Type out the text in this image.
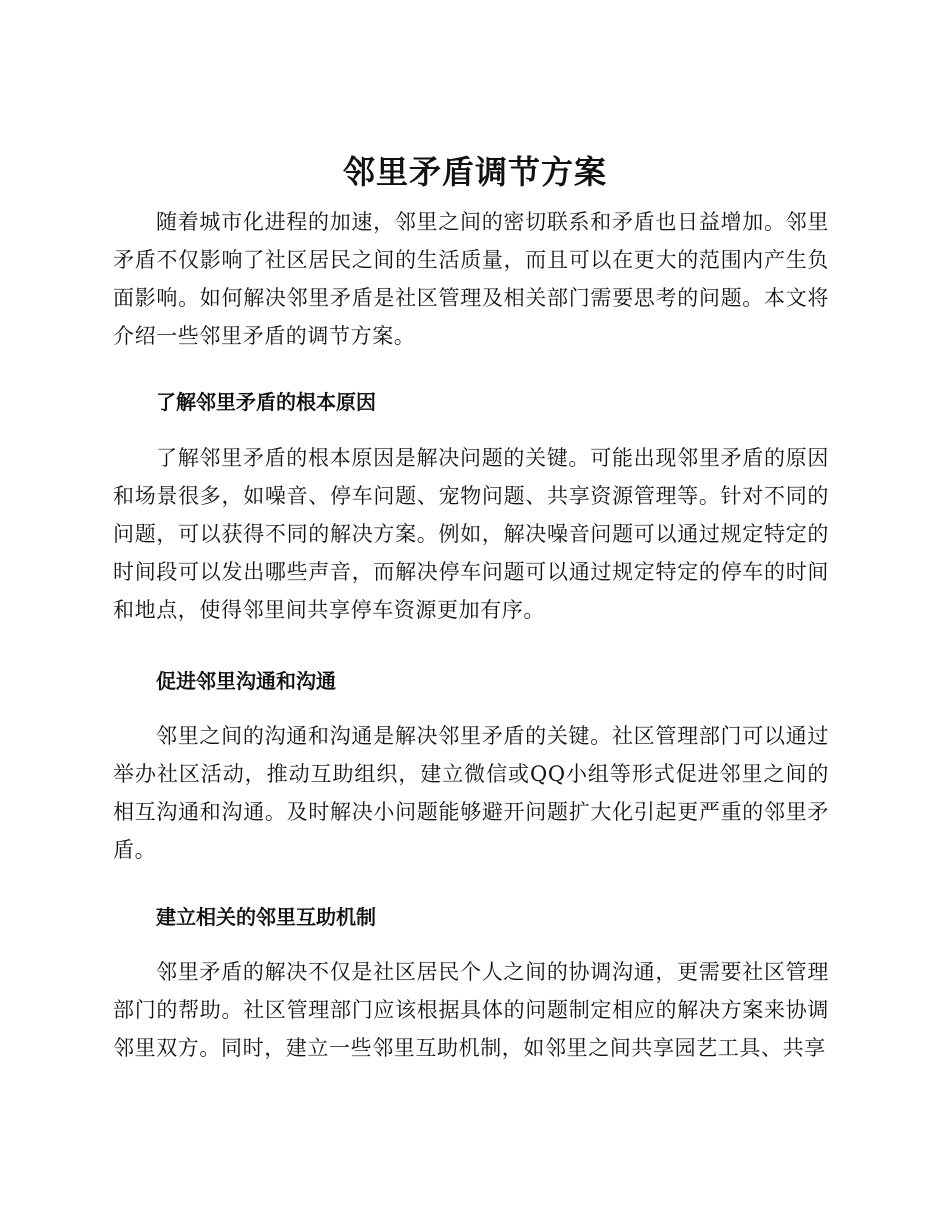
邻里矛盾调节方案

随着城市化进程的加速，邻里之间的密切联系和矛盾也日益增加。邻里矛盾不仅影响了社区居民之间的生活质量，而且可以在更大的范围内产生负面影响。如何解决邻里矛盾是社区管理及相关部门需要思考的问题。本文将介绍一些邻里矛盾的调节方案。

了解邻里矛盾的根本原因

了解邻里矛盾的根本原因是解决问题的关键。可能出现邻里矛盾的原因和场景很多，如噪音、停车问题、宠物问题、共享资源管理等。针对不同的问题，可以获得不同的解决方案。例如，解决噪音问题可以通过规定特定的时间段可以发出哪些声音，而解决停车问题可以通过规定特定的停车的时间和地点，使得邻里间共享停车资源更加有序。

促进邻里沟通和沟通

邻里之间的沟通和沟通是解决邻里矛盾的关键。社区管理部门可以通过举办社区活动，推动互助组织，建立微信或QQ小组等形式促进邻里之间的相互沟通和沟通。及时解决小问题能够避开问题扩大化引起更严重的邻里矛盾。

建立相关的邻里互助机制

邻里矛盾的解决不仅是社区居民个人之间的协调沟通，更需要社区管理部门的帮助。社区管理部门应该根据具体的问题制定相应的解决方案来协调邻里双方。同时，建立一些邻里互助机制，如邻里之间共享园艺工具、共享
